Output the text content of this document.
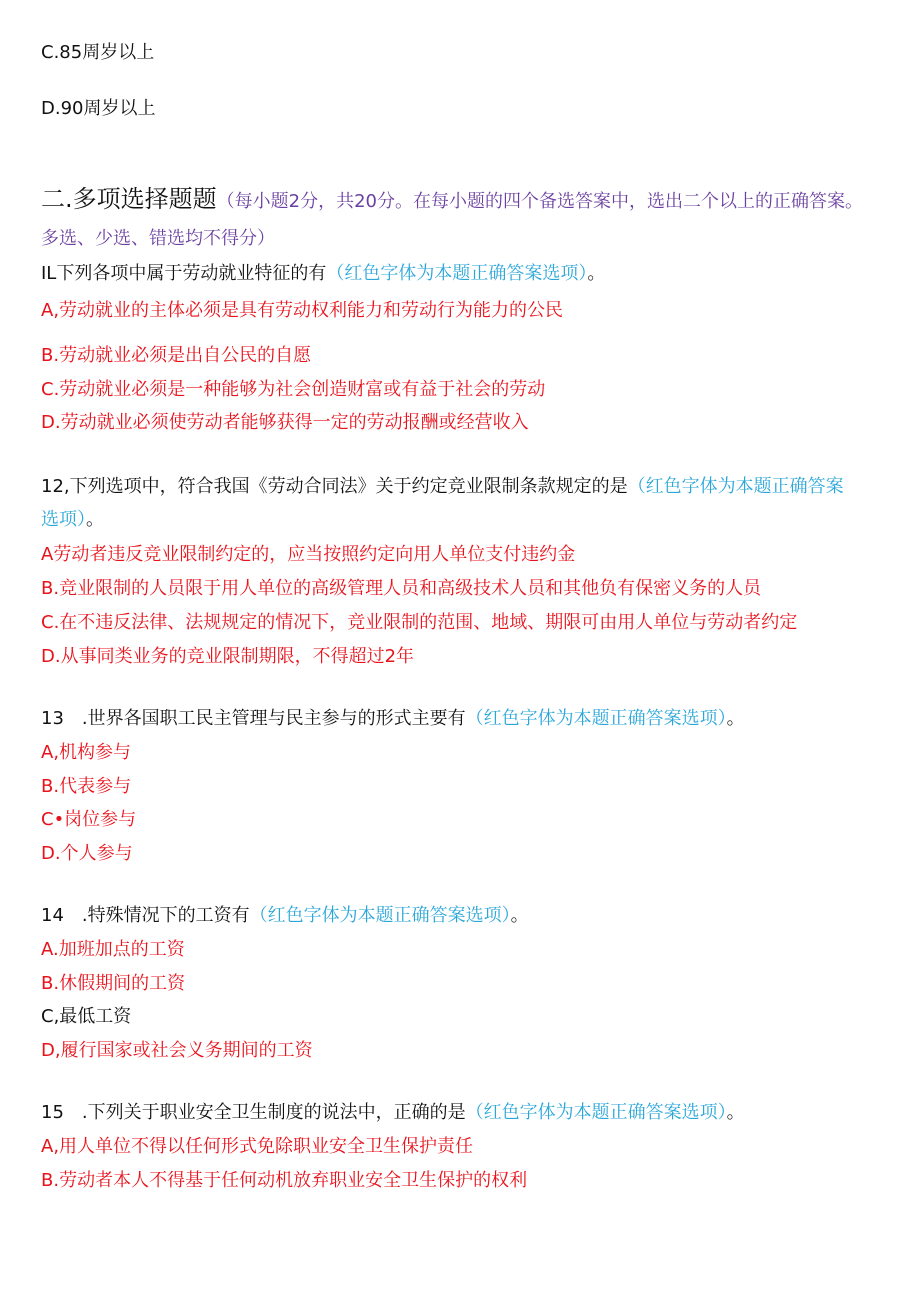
C.85周岁以上
D.90周岁以上
二.多项选择题题（每小题2分，共20分。在每小题的四个备选答案中，选出二个以上的正确答案。
多选、少选、错选均不得分）
IL下列各项中属于劳动就业特征的有（红色字体为本题正确答案选项）。
A,劳动就业的主体必须是具有劳动权利能力和劳动行为能力的公民
B.劳动就业必须是出自公民的自愿
C.劳动就业必须是一种能够为社会创造财富或有益于社会的劳动
D.劳动就业必须使劳动者能够获得一定的劳动报酬或经营收入
12,下列选项中，符合我国《劳动合同法》关于约定竞业限制条款规定的是（红色字体为本题正确答案
选项）。
A劳动者违反竞业限制约定的，应当按照约定向用人单位支付违约金
B.竞业限制的人员限于用人单位的高级管理人员和高级技术人员和其他负有保密义务的人员
C.在不违反法律、法规规定的情况下，竞业限制的范围、地域、期限可由用人单位与劳动者约定
D.从事同类业务的竞业限制期限，不得超过2年
13　.世界各国职工民主管理与民主参与的形式主要有（红色字体为本题正确答案选项）。
A,机构参与
B.代表参与
C•岗位参与
D.个人参与
14　.特殊情况下的工资有（红色字体为本题正确答案选项）。
A.加班加点的工资
B.休假期间的工资
C,最低工资
D,履行国家或社会义务期间的工资
15　.下列关于职业安全卫生制度的说法中，正确的是（红色字体为本题正确答案选项）。
A,用人单位不得以任何形式免除职业安全卫生保护责任
B.劳动者本人不得基于任何动机放弃职业安全卫生保护的权利
